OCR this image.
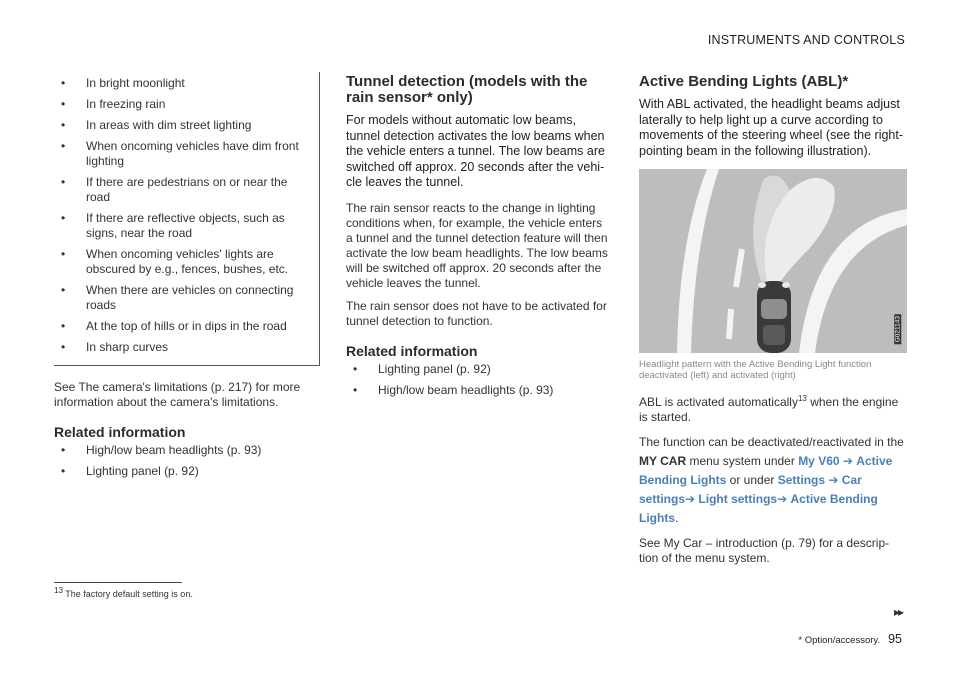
INSTRUMENTS AND CONTROLS
• In bright moonlight
• In freezing rain
• In areas with dim street lighting
• When oncoming vehicles have dim front lighting
• If there are pedestrians on or near the road
• If there are reflective objects, such as signs, near the road
• When oncoming vehicles' lights are obscured by e.g., fences, bushes, etc.
• When there are vehicles on connecting roads
• At the top of hills or in dips in the road
• In sharp curves

See The camera's limitations (p. 217) for more information about the camera's limitations.

Related information
• High/low beam headlights (p. 93)
• Lighting panel (p. 92)
Tunnel detection (models with the rain sensor* only)

For models without automatic low beams, tunnel detection activates the low beams when the vehicle enters a tunnel. The low beams are switched off approx. 20 seconds after the vehi- cle leaves the tunnel.

The rain sensor reacts to the change in lighting conditions when, for example, the vehicle enters a tunnel and the tunnel detection feature will then activate the low beam headlights. The low beams will be switched off approx. 20 seconds after the vehicle leaves the tunnel.

The rain sensor does not have to be activated for tunnel detection to function.

Related information
• Lighting panel (p. 92)
• High/low beam headlights (p. 93)
Active Bending Lights (ABL)*

With ABL activated, the headlight beams adjust laterally to help light up a curve according to movements of the steering wheel (see the right- pointing beam in the following illustration).

G021143
Headlight pattern with the Active Bending Light function deactivated (left) and activated (right)

ABL is activated automatically$^{13}$ when the engine is started.

The function can be deactivated/reactivated in the MY CAR menu system under My V60 ➔ Active Bending Lights or under Settings ➔ Car settings➔ Light settings➔ Active Bending Lights.

See My Car – introduction (p. 79) for a descrip- tion of the menu system.

$^{13}$ The factory default setting is on.
▸▸
* Option/accessory. 95
